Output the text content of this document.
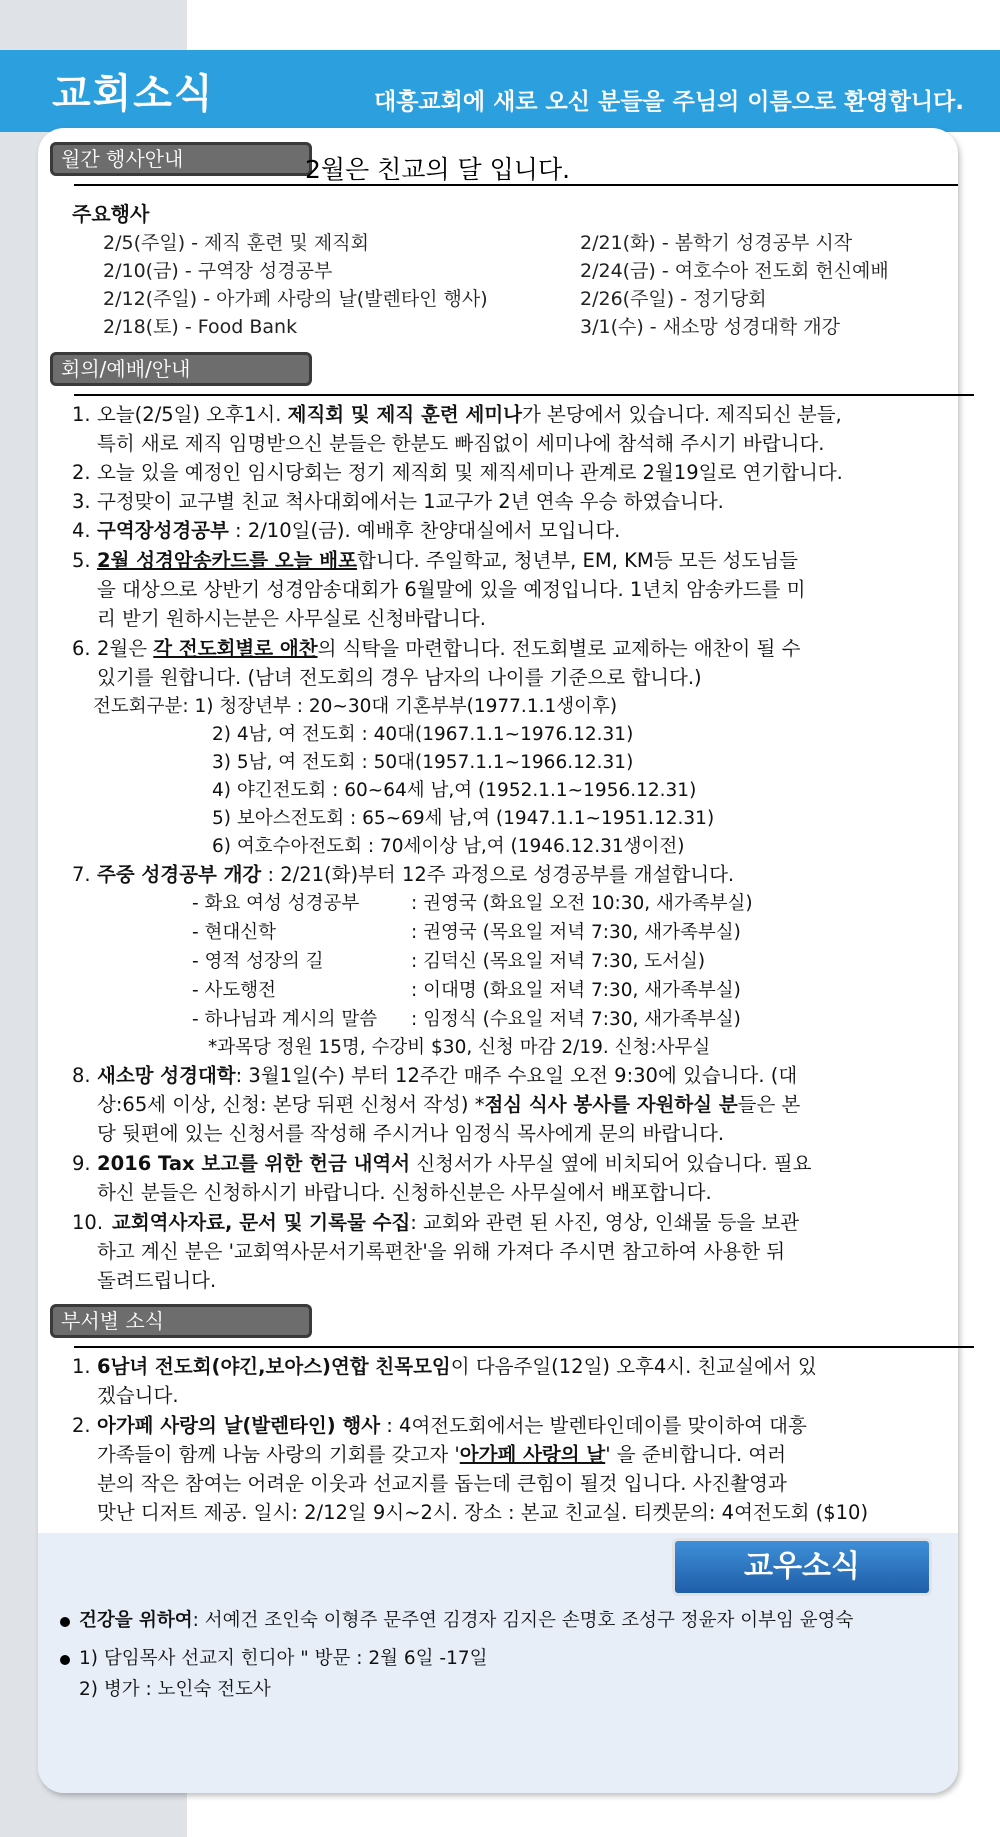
교회소식	대흥교회에 새로 오신 분들을 주님의 이름으로 환영합니다.
월간 행사안내	2월은 친교의 달 입니다.
주요행사
2/5(주일) - 제직 훈련 및 제직회
2/10(금) - 구역장 성경공부
2/12(주일) - 아가페 사랑의 날(발렌타인 행사)
2/18(토) - Food Bank
2/21(화) - 봄학기 성경공부 시작
2/24(금) - 여호수아 전도회 헌신예배
2/26(주일) - 정기당회
3/1(수) - 새소망 성경대학 개강
회의/예배/안내
1. 오늘(2/5일) 오후1시. 제직회 및 제직 훈련 세미나가 본당에서 있습니다. 제직되신 분들,
특히 새로 제직 임명받으신 분들은 한분도 빠짐없이 세미나에 참석해 주시기 바랍니다.
2. 오늘 있을 예정인 임시당회는 정기 제직회 및 제직세미나 관계로 2월19일로 연기합니다.
3. 구정맞이 교구별 친교 척사대회에서는 1교구가 2년 연속 우승 하였습니다.
4. 구역장성경공부 : 2/10일(금). 예배후 찬양대실에서 모입니다.
5. 2월 성경암송카드를 오늘 배포합니다. 주일학교, 청년부, EM, KM등 모든 성도님들
을 대상으로 상반기 성경암송대회가 6월말에 있을 예정입니다. 1년치 암송카드를 미
리 받기 원하시는분은 사무실로 신청바랍니다.
6. 2월은 각 전도회별로 애찬의 식탁을 마련합니다. 전도회별로 교제하는 애찬이 될 수
있기를 원합니다. (남녀 전도회의 경우 남자의 나이를 기준으로 합니다.)
전도회구분: 1) 청장년부 : 20~30대 기혼부부(1977.1.1생이후)
2) 4남, 여 전도회 : 40대(1967.1.1~1976.12.31)
3) 5남, 여 전도회 : 50대(1957.1.1~1966.12.31)
4) 야긴전도회 : 60~64세 남,여 (1952.1.1~1956.12.31)
5) 보아스전도회 : 65~69세 남,여 (1947.1.1~1951.12.31)
6) 여호수아전도회 : 70세이상 남,여 (1946.12.31생이전)
7. 주중 성경공부 개강 : 2/21(화)부터 12주 과정으로 성경공부를 개설합니다.
- 화요 여성 성경공부	: 권영국 (화요일 오전 10:30, 새가족부실)
- 현대신학	: 권영국 (목요일 저녁 7:30, 새가족부실)
- 영적 성장의 길	: 김덕신 (목요일 저녁 7:30, 도서실)
- 사도행전	: 이대명 (화요일 저녁 7:30, 새가족부실)
- 하나님과 계시의 말씀 : 임정식 (수요일 저녁 7:30, 새가족부실)
*과목당 정원 15명, 수강비 $30, 신청 마감 2/19. 신청:사무실
8. 새소망 성경대학: 3월1일(수) 부터 12주간 매주 수요일 오전 9:30에 있습니다. (대
상:65세 이상, 신청: 본당 뒤편 신청서 작성) *점심 식사 봉사를 자원하실 분들은 본
당 뒷편에 있는 신청서를 작성해 주시거나 임정식 목사에게 문의 바랍니다.
9. 2016 Tax 보고를 위한 헌금 내역서 신청서가 사무실 옆에 비치되어 있습니다. 필요
하신 분들은 신청하시기 바랍니다. 신청하신분은 사무실에서 배포합니다.
10. 교회역사자료, 문서 및 기록물 수집: 교회와 관련 된 사진, 영상, 인쇄물 등을 보관
하고 계신 분은 '교회역사문서기록편찬'을 위해 가져다 주시면 참고하여 사용한 뒤
돌려드립니다.
부서별 소식
1. 6남녀 전도회(야긴,보아스)연합 친목모임이 다음주일(12일) 오후4시. 친교실에서 있
겠습니다.
2. 아가페 사랑의 날(발렌타인) 행사 : 4여전도회에서는 발렌타인데이를 맞이하여 대흥
가족들이 함께 나눔 사랑의 기회를 갖고자 '아가페 사랑의 날' 을 준비합니다. 여러
분의 작은 참여는 어려운 이웃과 선교지를 돕는데 큰힘이 될것 입니다. 사진촬영과
맛난 디저트 제공. 일시: 2/12일 9시~2시. 장소 : 본교 친교실. 티켓문의: 4여전도회 ($10)
교우소식
건강을 위하여: 서예건 조인숙 이형주 문주연 김경자 김지은 손명호 조성구 정윤자 이부임 윤영숙
1) 담임목사 선교지 힌디아 " 방문 : 2월 6일 -17일
2) 병가 : 노인숙 전도사
